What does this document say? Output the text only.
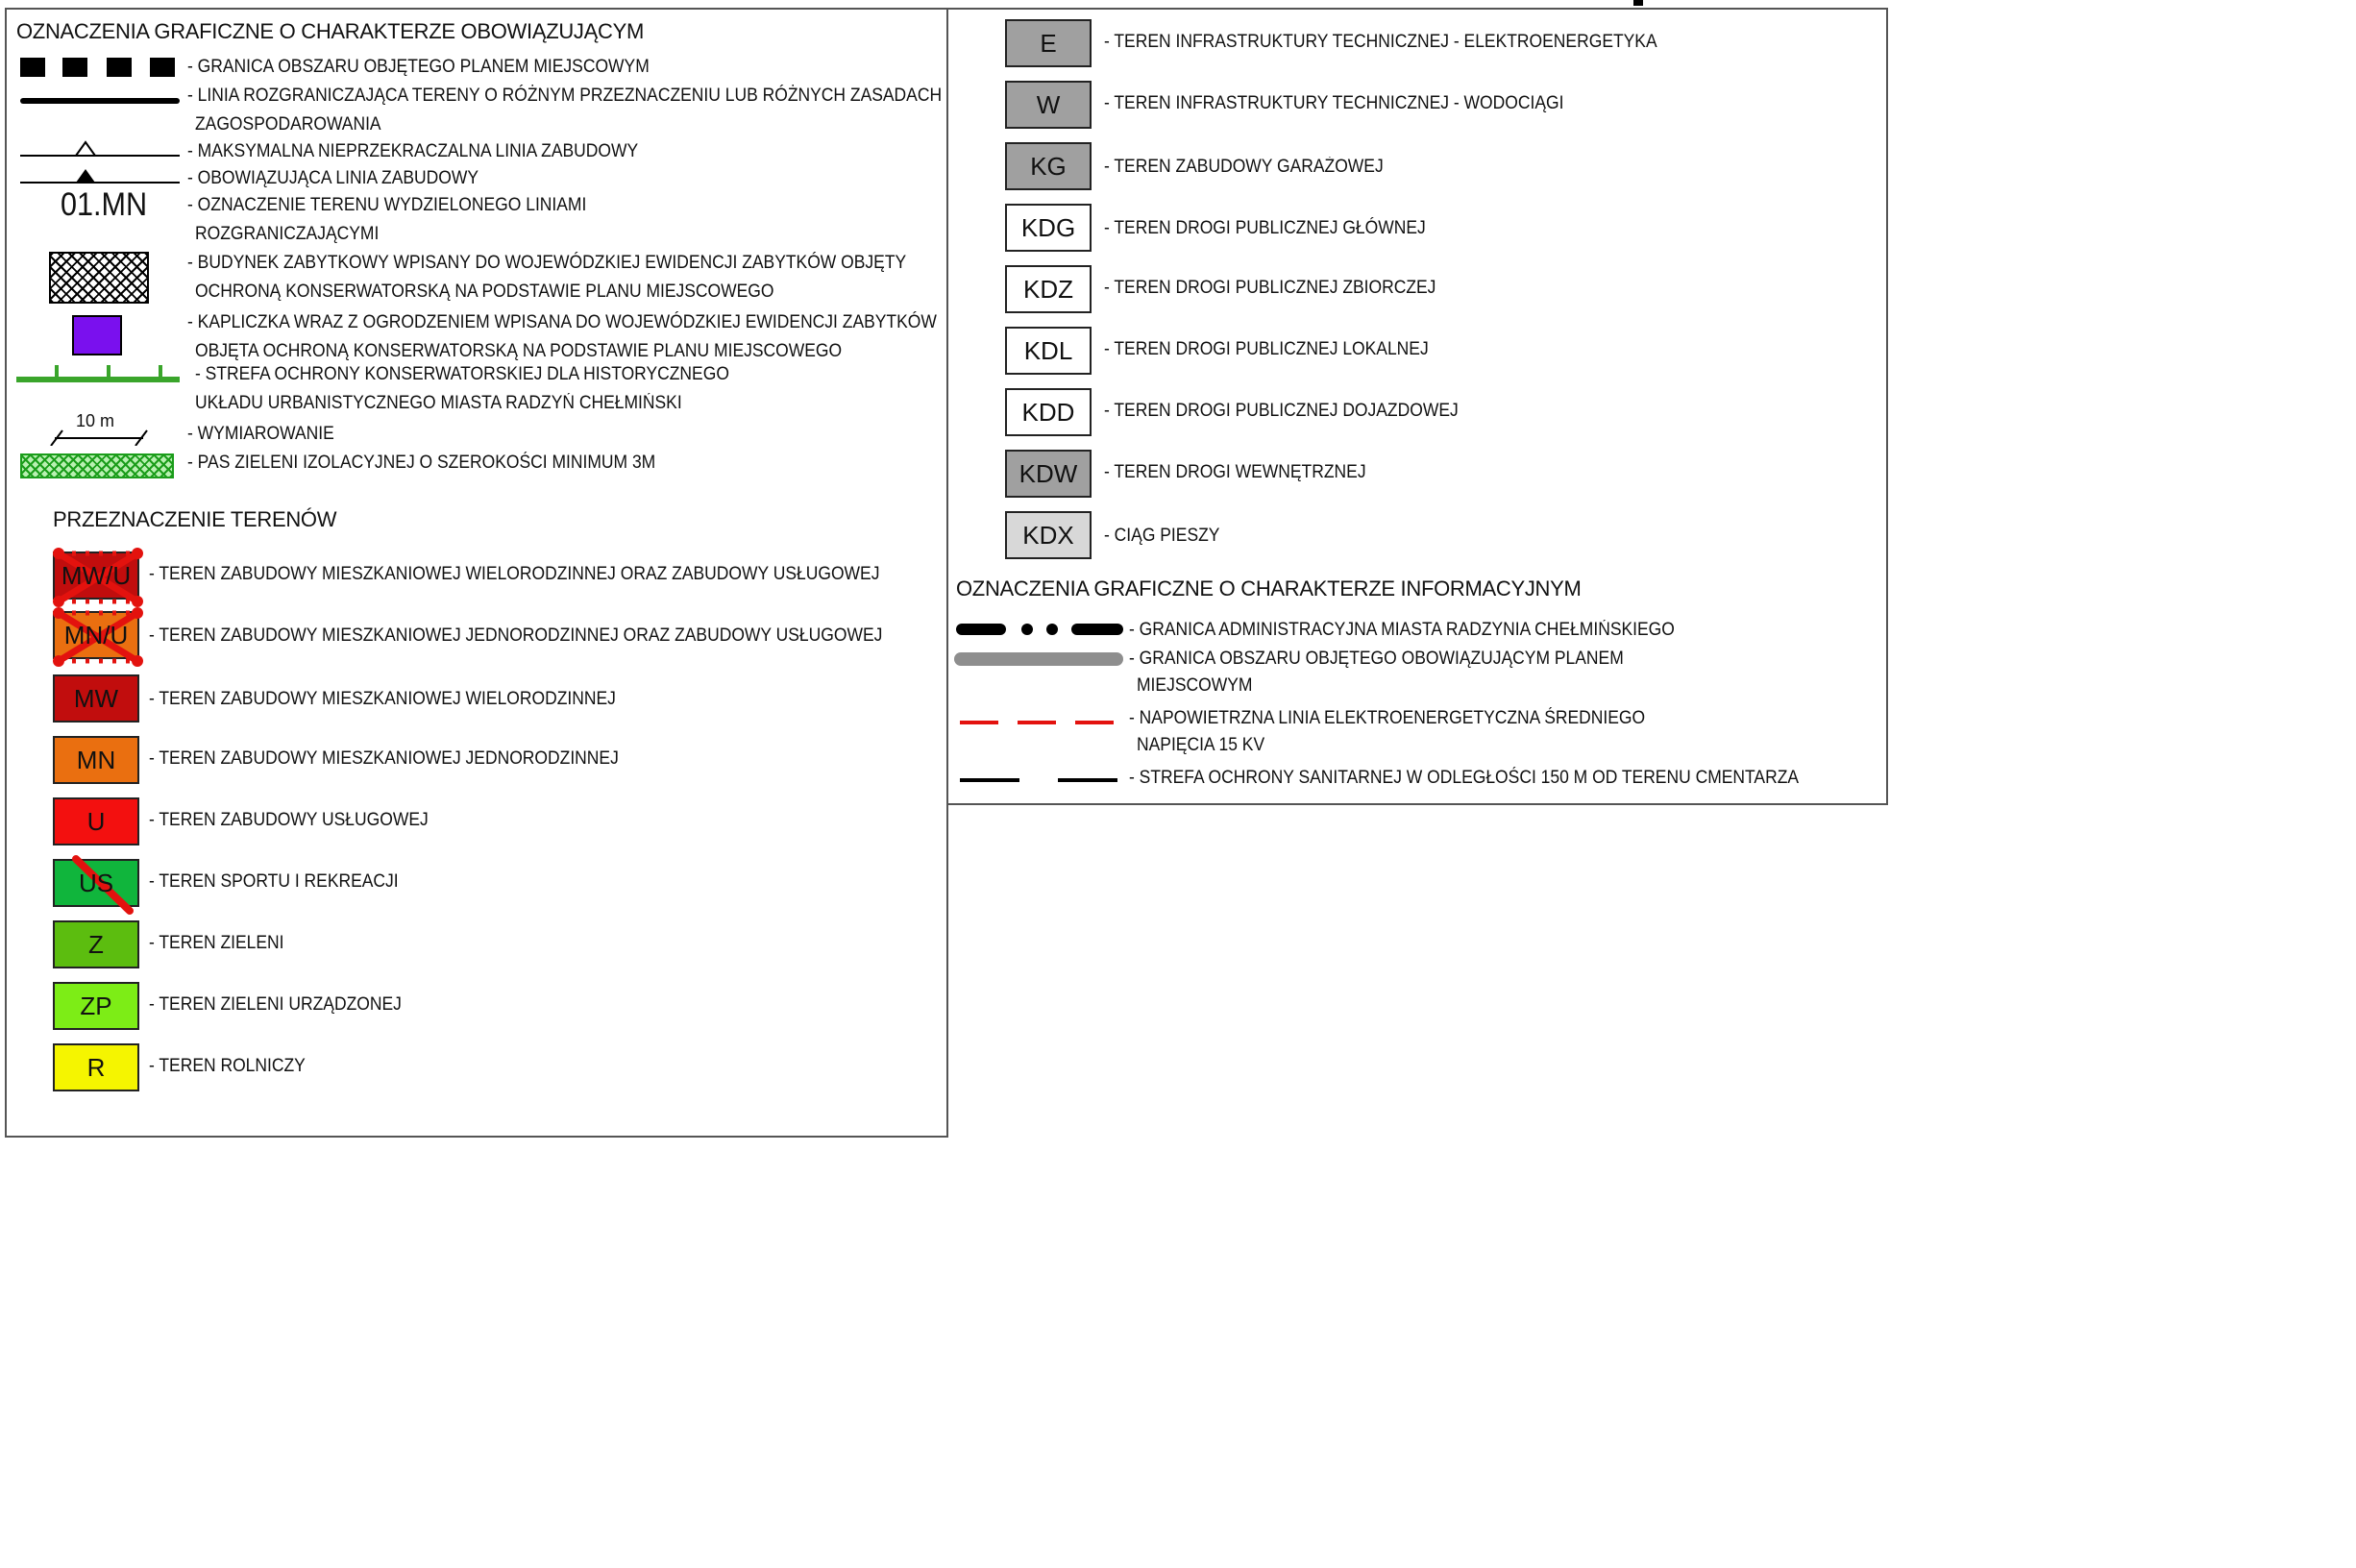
OZNACZENIA GRAFICZNE O CHARAKTERZE OBOWIĄZUJĄCYM
- GRANICA OBSZARU OBJĘTEGO PLANEM MIEJSCOWYM
- LINIA ROZGRANICZAJĄCA TERENY O RÓŻNYM PRZEZNACZENIU LUB RÓŻNYCH ZASADACH
ZAGOSPODAROWANIA
- MAKSYMALNA NIEPRZEKRACZALNA LINIA ZABUDOWY
- OBOWIĄZUJĄCA LINIA ZABUDOWY
01.MN - OZNACZENIE TERENU WYDZIELONEGO LINIAMI
ROZGRANICZAJĄCYMI
- BUDYNEK ZABYTKOWY WPISANY DO WOJEWÓDZKIEJ EWIDENCJI ZABYTKÓW OBJĘTY
OCHRONĄ KONSERWATORSKĄ NA PODSTAWIE PLANU MIEJSCOWEGO
- KAPLICZKA WRAZ Z OGRODZENIEM WPISANA DO WOJEWÓDZKIEJ EWIDENCJI ZABYTKÓW
OBJĘTA OCHRONĄ KONSERWATORSKĄ NA PODSTAWIE PLANU MIEJSCOWEGO
- STREFA OCHRONY KONSERWATORSKIEJ DLA HISTORYCZNEGO
UKŁADU URBANISTYCZNEGO MIASTA RADZYŃ CHEŁMIŃSKI
10 m
- WYMIAROWANIE
- PAS ZIELENI IZOLACYJNEJ O SZEROKOŚCI MINIMUM 3M
PRZEZNACZENIE TERENÓW
MW/U - TEREN ZABUDOWY MIESZKANIOWEJ WIELORODZINNEJ ORAZ ZABUDOWY USŁUGOWEJ
MN/U - TEREN ZABUDOWY MIESZKANIOWEJ JEDNORODZINNEJ ORAZ ZABUDOWY USŁUGOWEJ
MW - TEREN ZABUDOWY MIESZKANIOWEJ WIELORODZINNEJ
MN - TEREN ZABUDOWY MIESZKANIOWEJ JEDNORODZINNEJ
U - TEREN ZABUDOWY USŁUGOWEJ
US - TEREN SPORTU I REKREACJI
Z - TEREN ZIELENI
ZP - TEREN ZIELENI URZĄDZONEJ
R - TEREN ROLNICZY
E	- TEREN INFRASTRUKTURY TECHNICZNEJ - ELEKTROENERGETYKA
W - TEREN INFRASTRUKTURY TECHNICZNEJ - WODOCIĄGI
KG - TEREN ZABUDOWY GARAŻOWEJ
KDG - TEREN DROGI PUBLICZNEJ GŁÓWNEJ
KDZ - TEREN DROGI PUBLICZNEJ ZBIORCZEJ
KDL - TEREN DROGI PUBLICZNEJ LOKALNEJ
KDD - TEREN DROGI PUBLICZNEJ DOJAZDOWEJ
KDW - TEREN DROGI WEWNĘTRZNEJ
KDX - CIĄG PIESZY
OZNACZENIA GRAFICZNE O CHARAKTERZE INFORMACYJNYM
- GRANICA ADMINISTRACYJNA MIASTA RADZYNIA CHEŁMIŃSKIEGO
- GRANICA OBSZARU OBJĘTEGO OBOWIĄZUJĄCYM PLANEM
MIEJSCOWYM
- NAPOWIETRZNA LINIA ELEKTROENERGETYCZNA ŚREDNIEGO
NAPIĘCIA 15 KV
- STREFA OCHRONY SANITARNEJ W ODLEGŁOŚCI 150 M OD TERENU CMENTARZA
